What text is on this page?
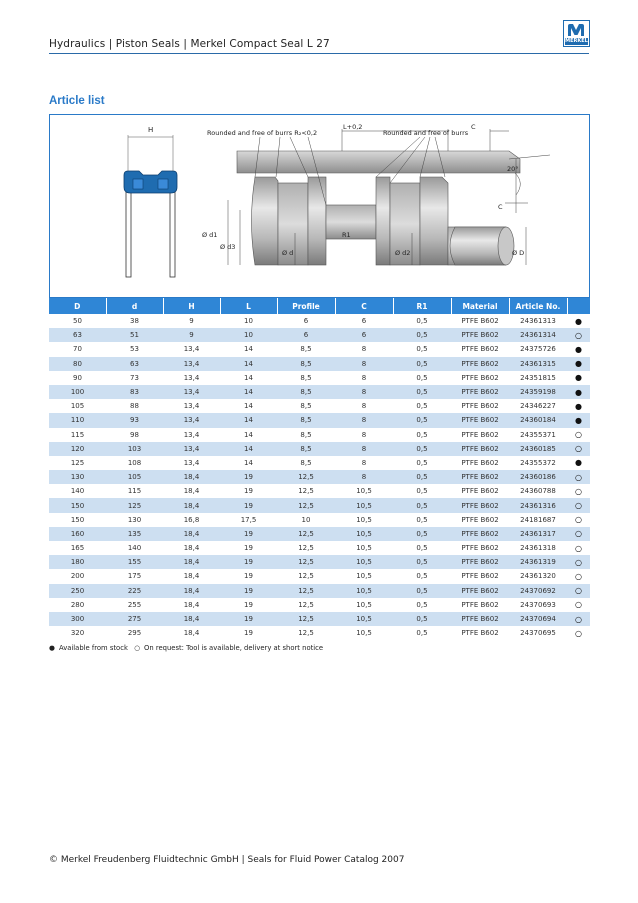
Hydraulics | Piston Seals | Merkel Compact Seal L 27	MERKEL
Article list
H	Rounded and free of burrs R₂<0,2
L+0,2
Rounded and free of burrs
C
20°
C
R1
Ø d1
Ø d3
Ø d	Ø d2	Ø D
D	d	H	L	Profile	C	R1	Material	Article No.	
50	38	9	10	6	6	0,5	PTFE B602	24361313	●
63	51	9	10	6	6	0,5	PTFE B602	24361314	○
70	53	13,4	14	8,5	8	0,5	PTFE B602	24375726	●
80	63	13,4	14	8,5	8	0,5	PTFE B602	24361315	●
90	73	13,4	14	8,5	8	0,5	PTFE B602	24351815	●
100	83	13,4	14	8,5	8	0,5	PTFE B602	24359198	●
105	88	13,4	14	8,5	8	0,5	PTFE B602	24346227	●
110	93	13,4	14	8,5	8	0,5	PTFE B602	24360184	●
115	98	13,4	14	8,5	8	0,5	PTFE B602	24355371	○
120	103	13,4	14	8,5	8	0,5	PTFE B602	24360185	○
125	108	13,4	14	8,5	8	0,5	PTFE B602	24355372	●
130	105	18,4	19	12,5	8	0,5	PTFE B602	24360186	○
140	115	18,4	19	12,5	10,5	0,5	PTFE B602	24360788	○
150	125	18,4	19	12,5	10,5	0,5	PTFE B602	24361316	○
150	130	16,8	17,5	10	10,5	0,5	PTFE B602	24181687	○
160	135	18,4	19	12,5	10,5	0,5	PTFE B602	24361317	○
165	140	18,4	19	12,5	10,5	0,5	PTFE B602	24361318	○
180	155	18,4	19	12,5	10,5	0,5	PTFE B602	24361319	○
200	175	18,4	19	12,5	10,5	0,5	PTFE B602	24361320	○
250	225	18,4	19	12,5	10,5	0,5	PTFE B602	24370692	○
280	255	18,4	19	12,5	10,5	0,5	PTFE B602	24370693	○
300	275	18,4	19	12,5	10,5	0,5	PTFE B602	24370694	○
320	295	18,4	19	12,5	10,5	0,5	PTFE B602	24370695	○
● Available from stock ○ On request: Tool is available, delivery at short notice
© Merkel Freudenberg Fluidtechnic GmbH | Seals for Fluid Power Catalog 2007
